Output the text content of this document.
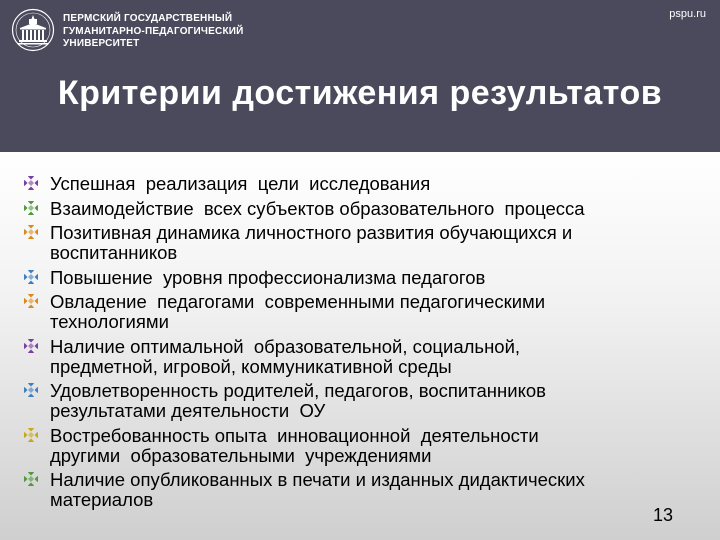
ПЕРМСКИЙ ГОСУДАРСТВЕННЫЙ
ГУМАНИТАРНО-ПЕДАГОГИЧЕСКИЙ
УНИВЕРСИТЕТ
pspu.ru
Критерии достижения результатов
Успешная  реализация  цели  исследования
Взаимодействие  всех субъектов образовательного  процесса
Позитивная динамика личностного развития обучающихся и
воспитанников
Повышение  уровня профессионализма педагогов
Овладение  педагогами  современными педагогическими
технологиями
Наличие оптимальной  образовательной, социальной,
предметной, игровой, коммуникативной среды
Удовлетворенность родителей, педагогов, воспитанников
результатами деятельности  ОУ
Востребованность опыта  инновационной  деятельности
другими  образовательными  учреждениями
Наличие опубликованных в печати и изданных дидактических
материалов
13
